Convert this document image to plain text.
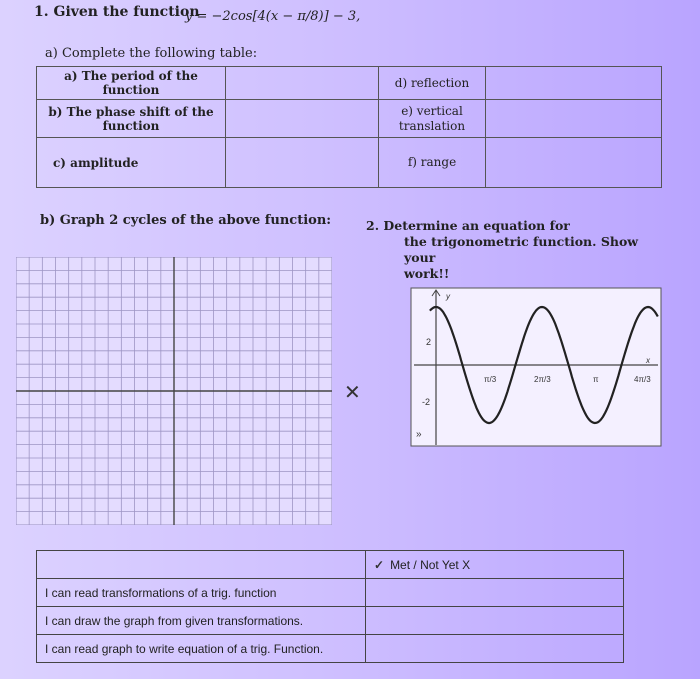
1. Given the function
y = −2cos[4(x − π/8)] − 3,
a) Complete the following table:
a) The period of the function		d) reflection	
b) The phase shift of the function		e) vertical translation	
c) amplitude		f) range	
b) Graph 2 cycles of the above function:	2. Determine an equation for
the trigonometric function. Show your
work!!
✕
y
x
2
-2
π/3	2π/3	π	4π/3
»
	✓ Met / Not Yet X
I can read transformations of a trig. function	
I can draw the graph from given transformations.	
I can read graph to write equation of a trig. Function.	
